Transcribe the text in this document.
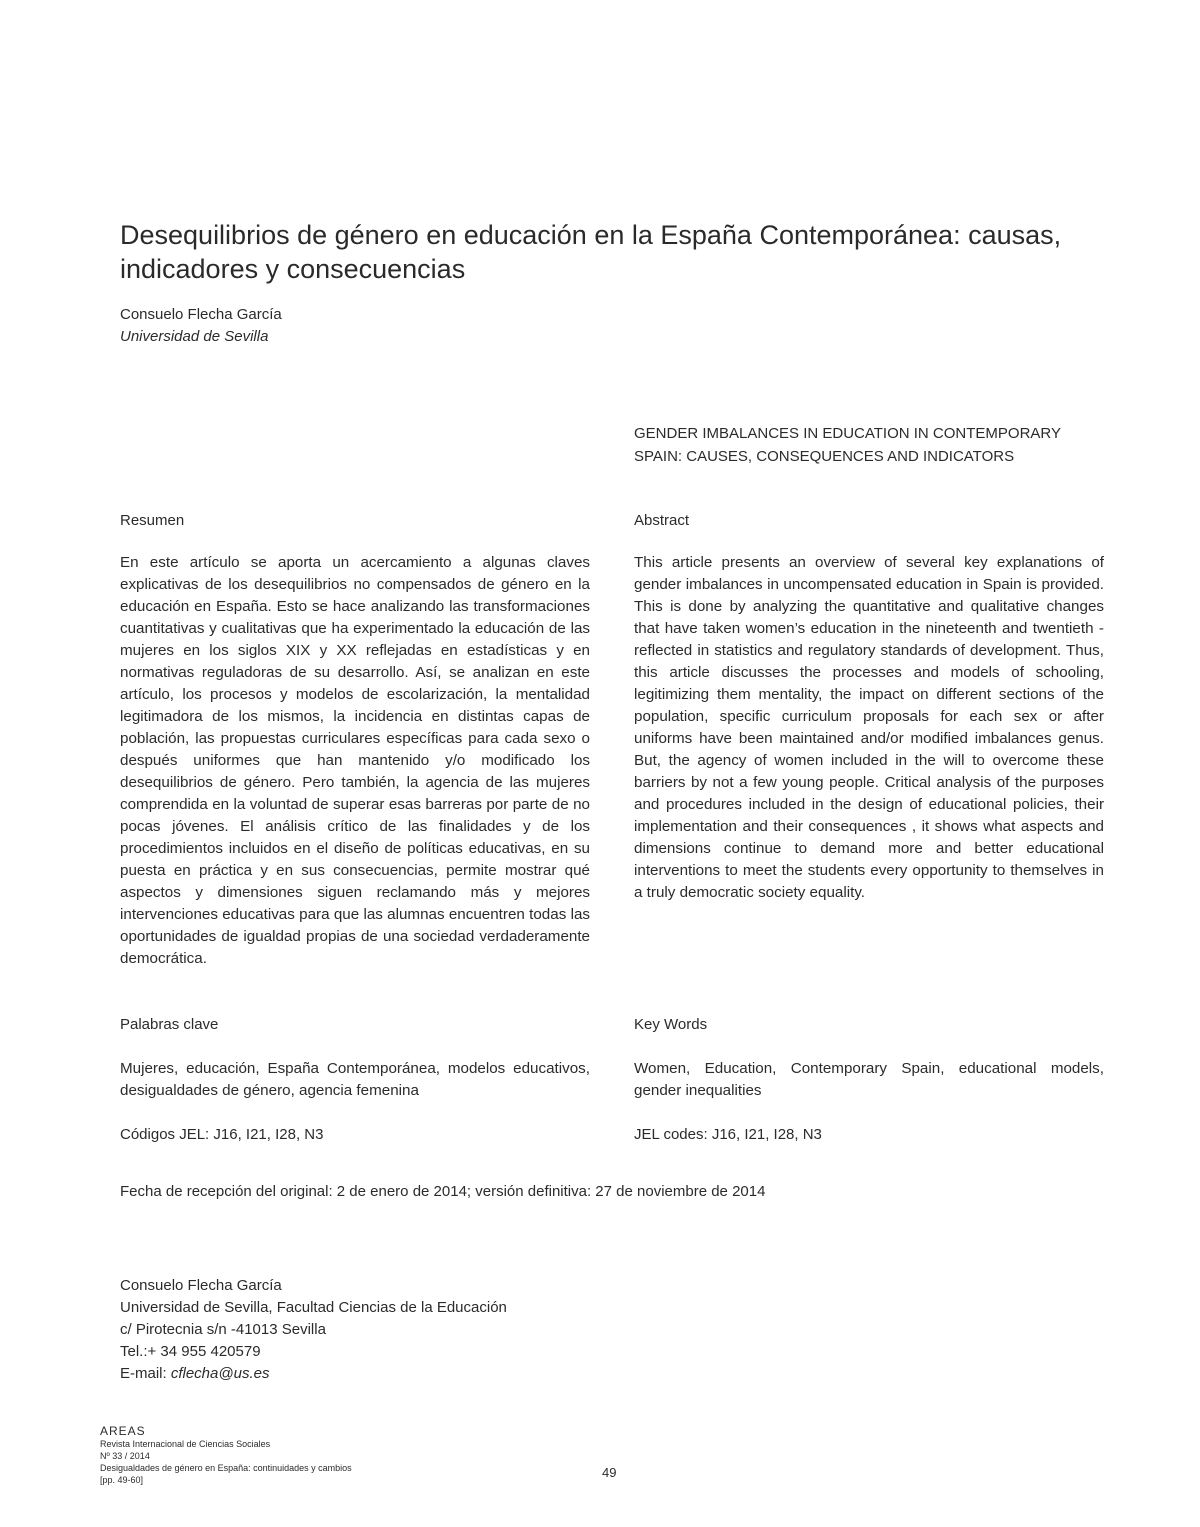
Desequilibrios de género en educación en la España Contemporánea: causas, indicadores y consecuencias
Consuelo Flecha García
Universidad de Sevilla
GENDER IMBALANCES IN EDUCATION IN CONTEMPORARY
SPAIN: CAUSES, CONSEQUENCES AND INDICATORS
Resumen

En este artículo se aporta un acercamiento a algunas claves explicativas de los desequilibrios no compensados de género en la educación en España. Esto se hace analizando las transformaciones cuantitativas y cualitativas que ha experimentado la educación de las mujeres en los siglos XIX y XX reflejadas en estadísticas y en normativas reguladoras de su desarrollo. Así, se analizan en este artículo, los procesos y modelos de escolarización, la mentalidad legitimadora de los mismos, la incidencia en distintas capas de población, las propuestas curriculares específicas para cada sexo o después uniformes que han mantenido y/o modificado los desequilibrios de género. Pero también, la agencia de las mujeres comprendida en la voluntad de superar esas barreras por parte de no pocas jóvenes. El análisis crítico de las finalidades y de los procedimientos incluidos en el diseño de políticas educativas, en su puesta en práctica y en sus consecuencias, permite mostrar qué aspectos y dimensiones siguen reclamando más y mejores intervenciones educativas para que las alumnas encuentren todas las oportunidades de igualdad propias de una sociedad verdaderamente democrática.

Abstract

This article presents an overview of several key explanations of gender imbalances in uncompensated education in Spain is provided. This is done by analyzing the quantitative and qualitative changes that have taken women’s education in the nineteenth and twentieth -reflected in statistics and regulatory standards of development. Thus, this article discusses the processes and models of schooling, legitimizing them mentality, the impact on different sections of the population, specific curriculum proposals for each sex or after uniforms have been maintained and/or modified imbalances genus. But, the agency of women included in the will to overcome these barriers by not a few young people. Critical analysis of the purposes and procedures included in the design of educational policies, their implementation and their consequences , it shows what aspects and dimensions continue to demand more and better educational interventions to meet the students every opportunity to themselves in a truly democratic society equality.

Palabras clave

Mujeres, educación, España Contemporánea, modelos educativos, desigualdades de género, agencia femenina

Códigos JEL: J16, I21, I28, N3
Key Words

Women, Education, Contemporary Spain, educational models, gender inequalities

JEL codes: J16, I21, I28, N3
Fecha de recepción del original: 2 de enero de 2014; versión definitiva: 27 de noviembre de 2014
Consuelo Flecha García
Universidad de Sevilla, Facultad Ciencias de la Educación
c/ Pirotecnia s/n -41013 Sevilla
Tel.:+ 34 955 420579
E-mail: cflecha@us.es
AREAS
Revista Internacional de Ciencias Sociales
Nº 33 / 2014
Desigualdades de género en España: continuidades y cambios
[pp. 49-60]	49
